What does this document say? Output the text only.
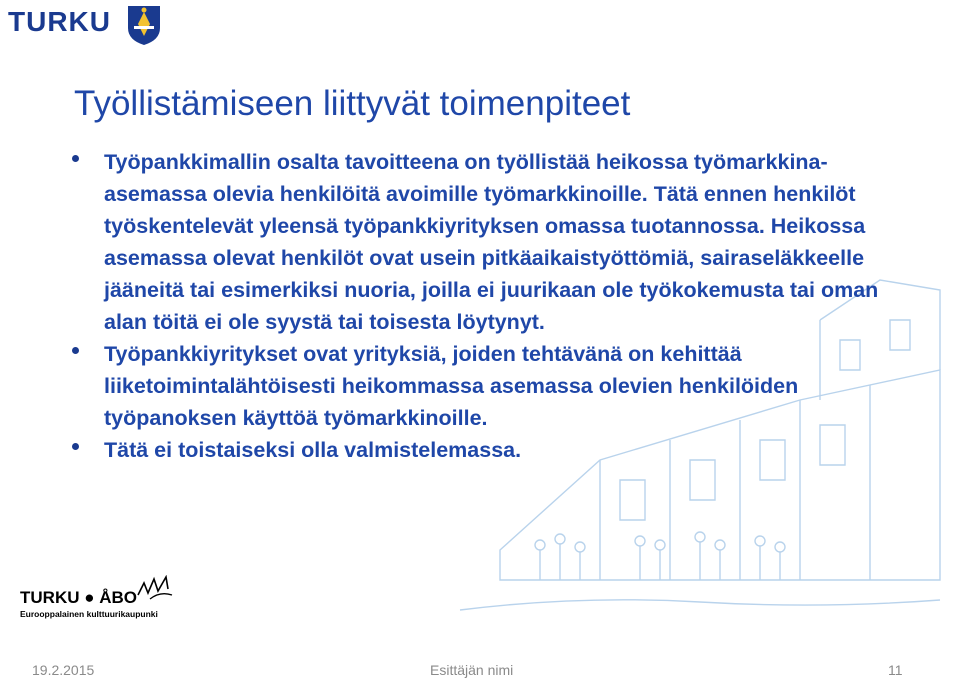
TURKU
Työllistämiseen liittyvät toimenpiteet
Työpankkimallin osalta tavoitteena on työllistää heikossa työmarkkina-asemassa olevia henkilöitä avoimille työmarkkinoille. Tätä ennen henkilöt työskentelevät yleensä työpankkiyrityksen omassa tuotannossa. Heikossa asemassa olevat henkilöt ovat usein pitkäaikaistyöttömiä, sairaseläkkeelle jääneitä tai esimerkiksi nuoria, joilla ei juurikaan ole työkokemusta tai oman alan töitä ei ole syystä tai toisesta löytynyt.
Työpankkiyritykset ovat yrityksiä, joiden tehtävänä on kehittää liiketoimintalähtöisesti heikommassa asemassa olevien henkilöiden työpanoksen käyttöä työmarkkinoille.
Tätä ei toistaiseksi olla valmistelemassa.
TURKU ● ÅBO
Eurooppalainen kulttuurikaupunki
19.2.2015	Esittäjän nimi	11
